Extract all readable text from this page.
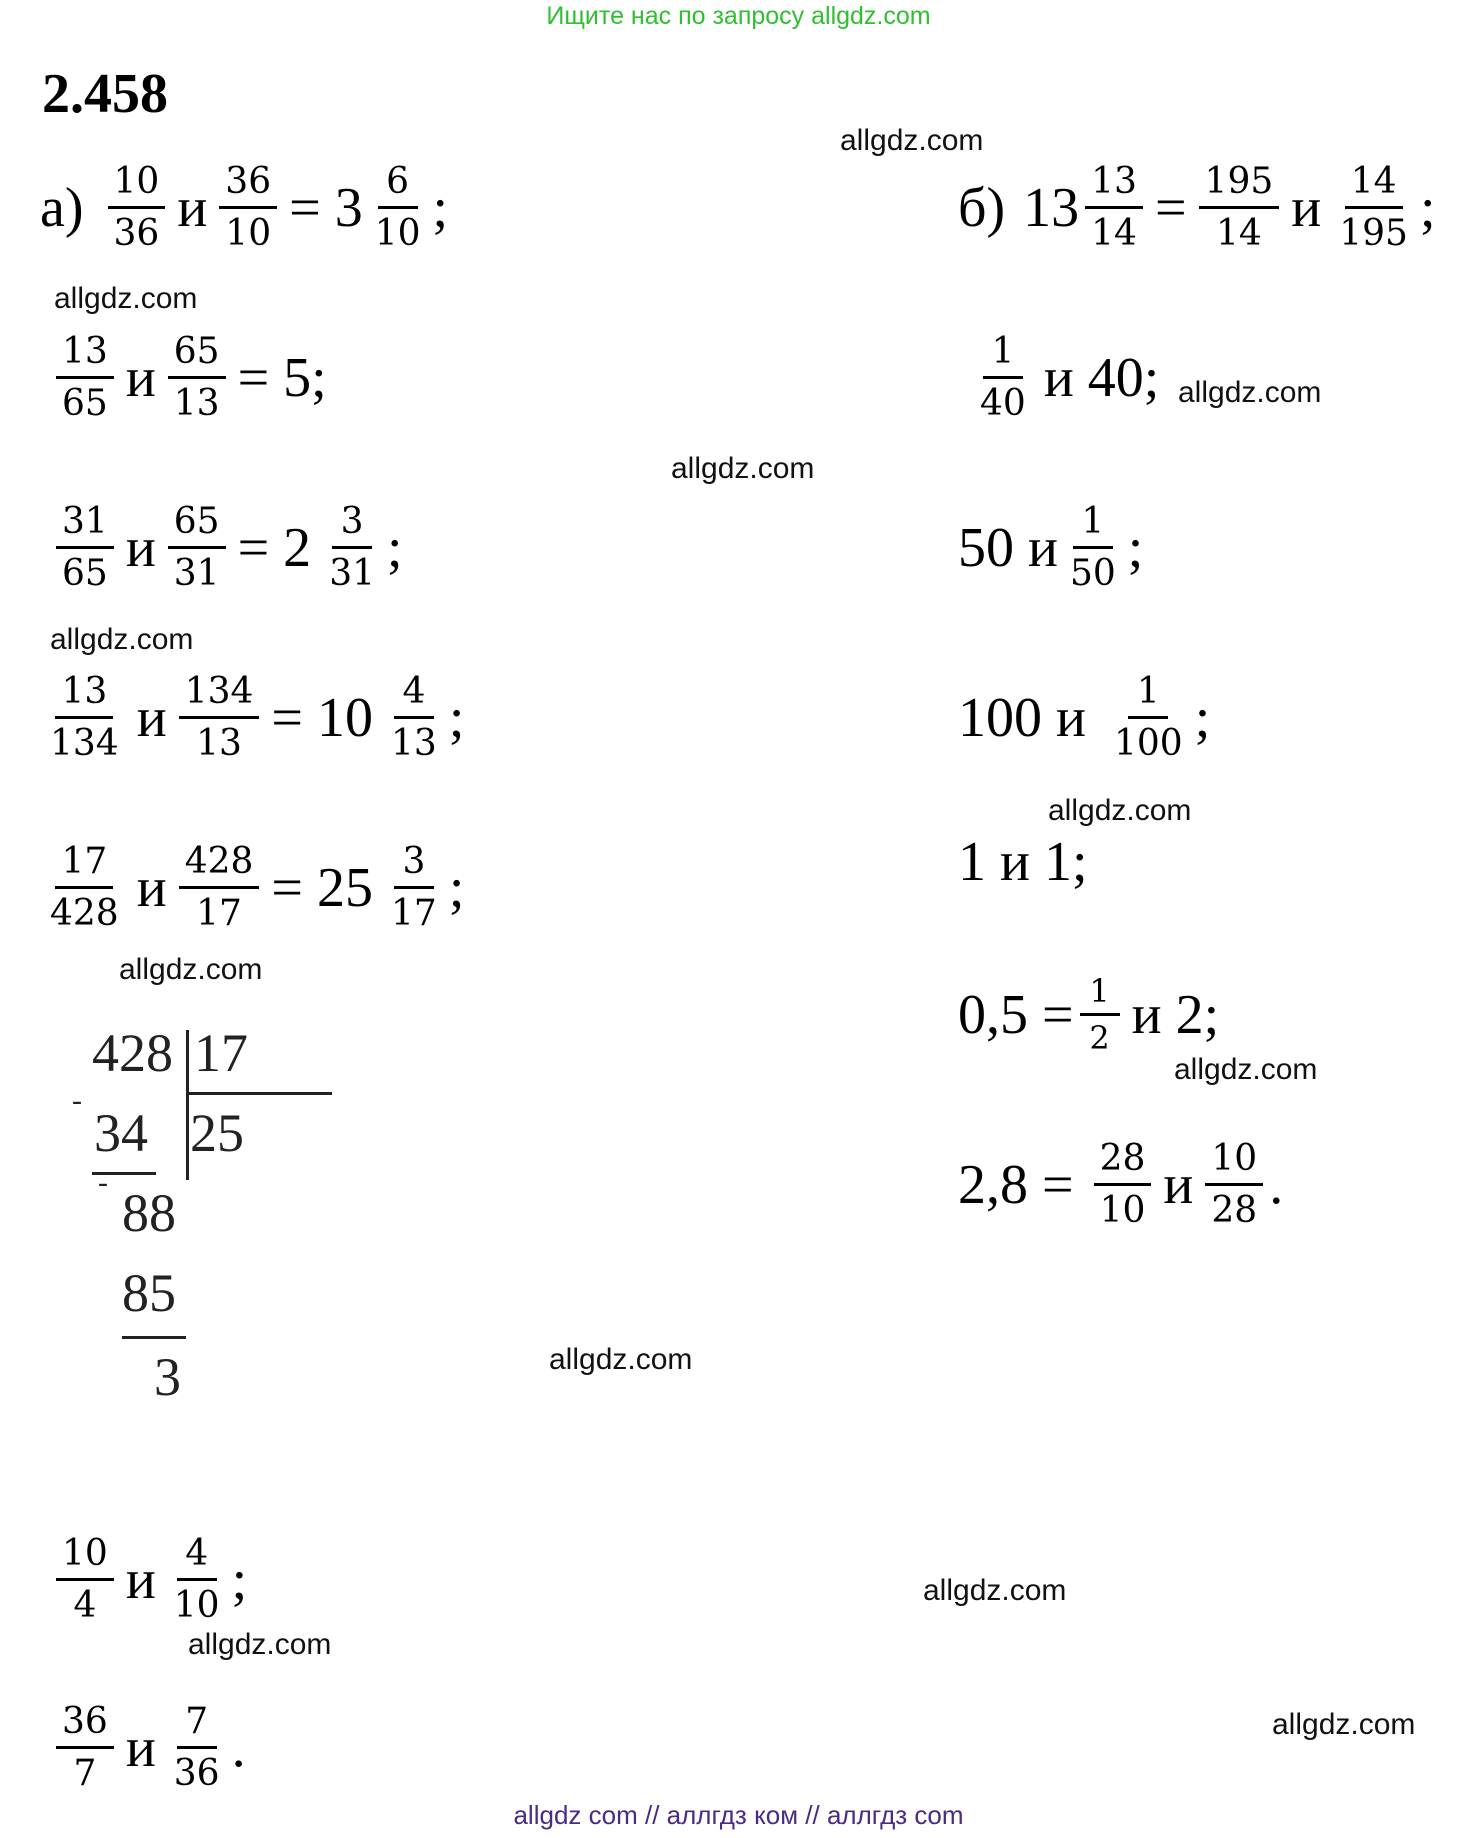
Ищите нас по запросу allgdz.com
2.458
allgdz.com
allgdz.com
allgdz.com
allgdz.com
allgdz.com
allgdz.com
allgdz.com
allgdz.com
allgdz.com
allgdz.com
allgdz.com
allgdz.com
$а) \frac{10}{36}$ и $\frac{36}{10} = 3 \frac{6}{10}$ ;
$\frac{13}{65}$ и $\frac{65}{13} = 5$;
$\frac{31}{65}$ и $\frac{65}{31} = 2 \frac{3}{31}$ ;
$\frac{13}{134}$ и $\frac{134}{13} = 10 \frac{4}{13}$ ;
$\frac{17}{428}$ и $\frac{428}{17} = 25 \frac{3}{17}$ ;
428 17
25
-
34
88
-
85
3
$\frac{10}{4}$ и $\frac{4}{10}$ ;
$\frac{36}{7}$ и $\frac{7}{36}$ .
б) $13 \frac{13}{14} = \frac{195}{14}$ и $\frac{14}{195}$ ;
$\frac{1}{40}$ и 40;
50 и $\frac{1}{50}$ ;
100 и $\frac{1}{100}$ ;
1 и 1;
$0,5 = \frac{1}{2}$ и 2;
$2,8 = \frac{28}{10}$ и $\frac{10}{28}$ .
allgdz com // аллгдз ком // аллгдз com
